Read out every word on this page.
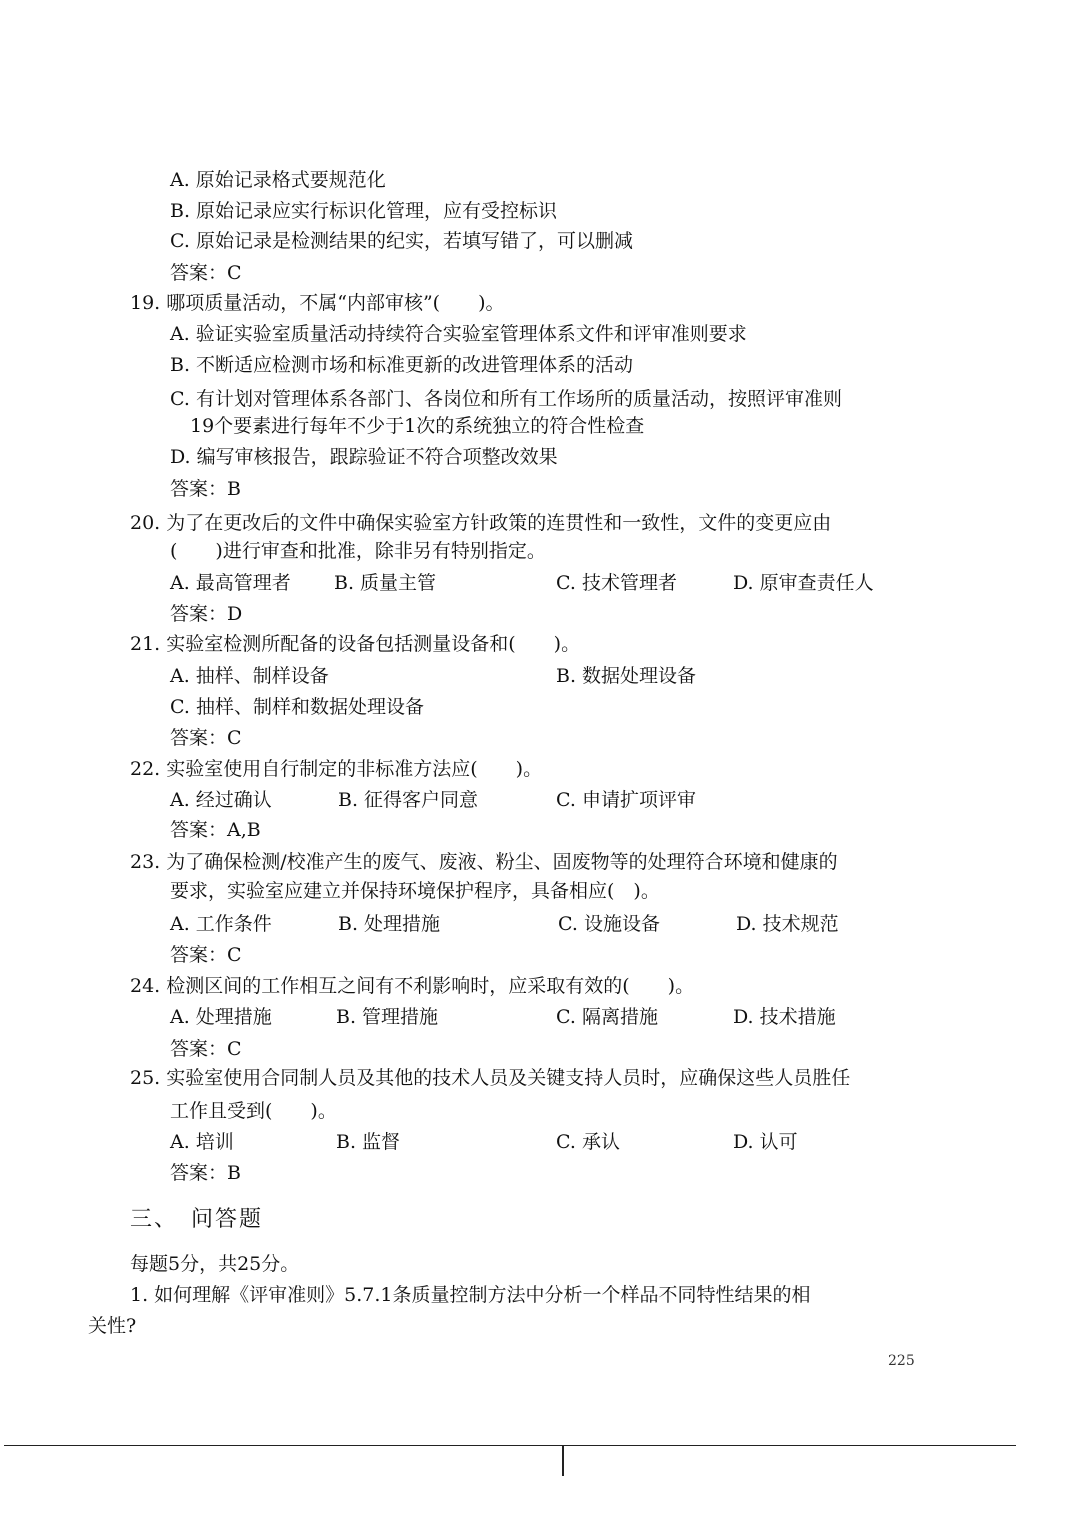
A. 原始记录格式要规范化
B. 原始记录应实行标识化管理，应有受控标识
C. 原始记录是检测结果的纪实，若填写错了，可以删减
答案：C
19. 哪项质量活动，不属“内部审核”(　　)。
A. 验证实验室质量活动持续符合实验室管理体系文件和评审准则要求
B. 不断适应检测市场和标准更新的改进管理体系的活动
C. 有计划对管理体系各部门、各岗位和所有工作场所的质量活动，按照评审准则
19个要素进行每年不少于1次的系统独立的符合性检查
D. 编写审核报告，跟踪验证不符合项整改效果
答案：B
20. 为了在更改后的文件中确保实验室方针政策的连贯性和一致性，文件的变更应由
(　　)进行审查和批准，除非另有特别指定。
A. 最高管理者 B. 质量主管	C. 技术管理者	D. 原审查责任人
答案：D
21. 实验室检测所配备的设备包括测量设备和(　　)。
A. 抽样、制样设备	B. 数据处理设备
C. 抽样、制样和数据处理设备
答案：C
22. 实验室使用自行制定的非标准方法应(　　)。
A. 经过确认	B. 征得客户同意	C. 申请扩项评审
答案：A,B
23. 为了确保检测/校准产生的废气、废液、粉尘、固废物等的处理符合环境和健康的
要求，实验室应建立并保持环境保护程序，具备相应(　)。
A. 工作条件	B. 处理措施	C. 设施设备	D. 技术规范
答案：C
24. 检测区间的工作相互之间有不利影响时，应采取有效的(　　)。
A. 处理措施	B. 管理措施	C. 隔离措施	D. 技术措施
答案：C
25. 实验室使用合同制人员及其他的技术人员及关键支持人员时，应确保这些人员胜任
工作且受到(　　)。
A. 培训	B. 监督	C. 承认	D. 认可
答案：B
三、　问答题
每题5分，共25分。
1. 如何理解《评审准则》5.7.1条质量控制方法中分析一个样品不同特性结果的相
关性?
225
